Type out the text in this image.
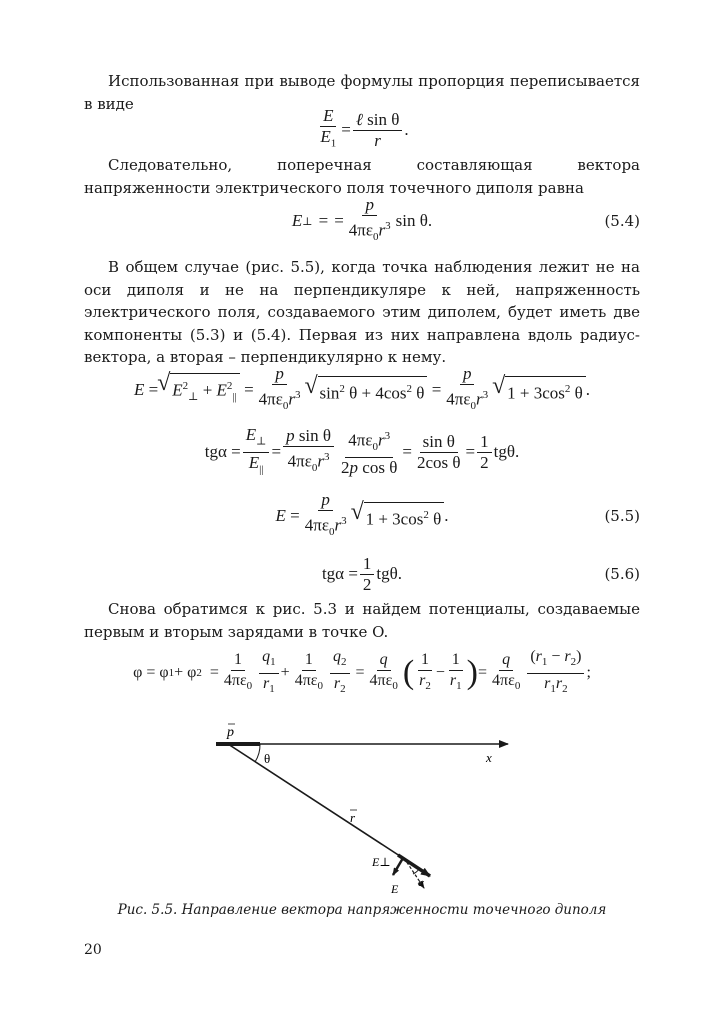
Использованная при выводе формулы пропорция переписывается в виде
$\frac{E}{E_1} = \frac{\text{ℓ sin θ}}{r}$ .
Следовательно, поперечная составляющая вектора напряженности электрического поля точечного диполя равна
E ⊥ =
= $\frac{p}{4\pi\varepsilon_0r^3}$ sin θ.	(5.4)
В общем случае (рис. 5.5), когда точка наблюдения лежит не на оси диполя и не на перпендикуляре к ней, напряженность электрического поля, создаваемого этим диполем, будет иметь две компоненты (5.3) и (5.4). Первая из них направлена вдоль радиус-вектора, а вторая – перпендикулярно к нему.
E = √ $E^2_\perp + E^2_{||} = \frac{p}{4\pi\varepsilon_0r^3}$ √ $\sin^2 \theta + 4\cos^2$ $\theta = \frac{p}{4\pi\varepsilon_0r^3}$ √ $1 + 3\cos^2$ θ .
$tg\alpha = \frac{E_\perp}{E_{||}} = \frac{\text{p sin θ}}{4\pi\varepsilon_0r^3} \frac{4\pi\varepsilon_0r^3}{\text{2p cos θ}} = \frac{\text{sin θ}}{\text{2cos θ}} = \frac{1}{2} tg\theta$.
$E = \frac{p}{4\pi\varepsilon_0r^3}$ √ $1 + 3\cos^2$ θ .	(5.5)
$tg\alpha = \frac{1}{2} tg\theta$.	(5.6)
Снова обратимся к рис. 5.3 и найдем потенциалы, создаваемые первым и вторым зарядами в точке O.
φ = φ 1 + φ $2 = \frac{1}{4\pi\varepsilon_0} \frac{q_1}{r_1} + \frac{1}{4\pi\varepsilon_0} \frac{q_2}{r_2} = \frac{q}{4\pi\varepsilon_0}$ ( $\frac{1}{r_2} - \frac{1}{r_1}$ ) = $\frac{q}{4\pi\varepsilon_0} \frac{(r_1 - r_2)}{r_1r_2}$ ;
p
θ	x
r
E⊥
E α
Рис. 5.5. Направление вектора напряженности точечного диполя
20
